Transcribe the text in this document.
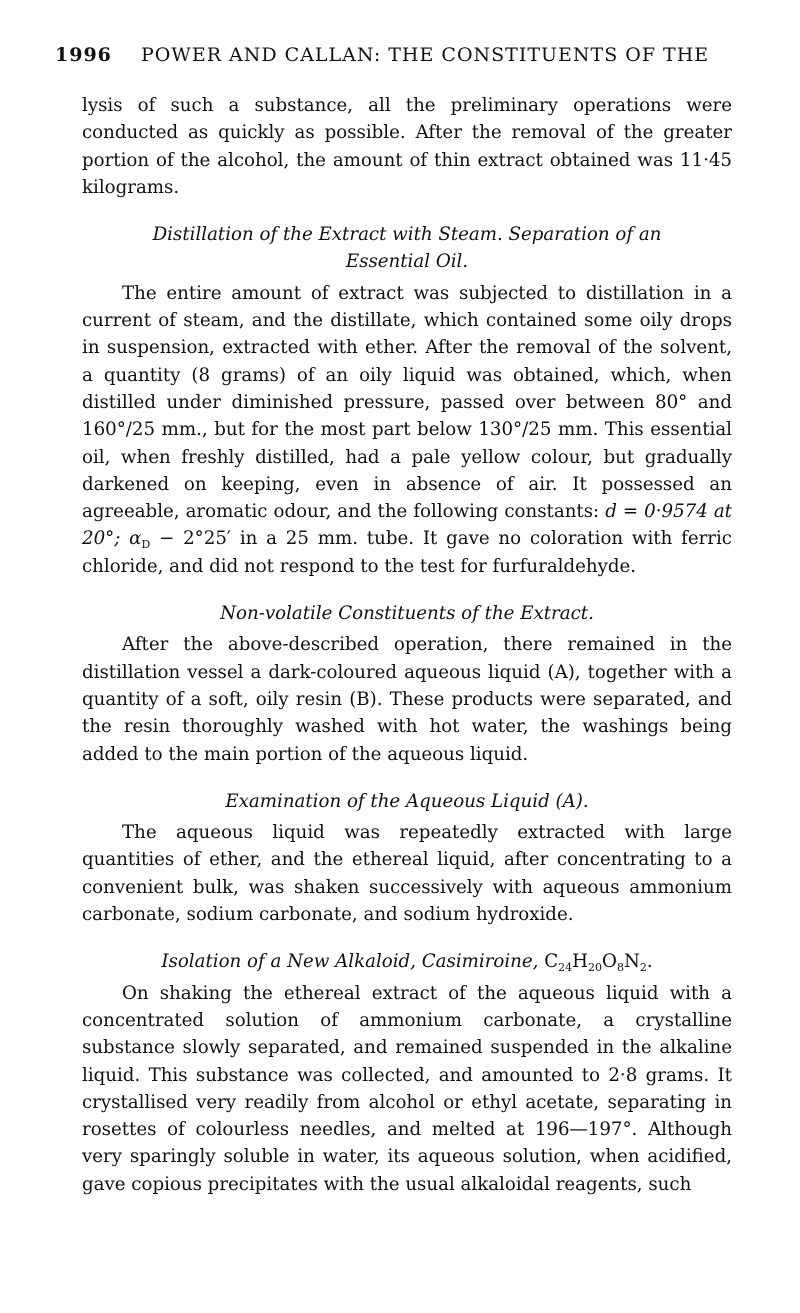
1996 POWER AND CALLAN: THE CONSTITUENTS OF THE

lysis of such a substance, all the preliminary operations were conducted as quickly as possible. After the removal of the greater portion of the alcohol, the amount of thin extract obtained was 11·45 kilograms.

Distillation of the Extract with Steam. Separation of an
Essential Oil.

The entire amount of extract was subjected to distillation in a current of steam, and the distillate, which contained some oily drops in suspension, extracted with ether. After the removal of the solvent, a quantity (8 grams) of an oily liquid was obtained, which, when distilled under diminished pressure, passed over between 80° and 160°/25 mm., but for the most part below 130°/25 mm. This essential oil, when freshly distilled, had a pale yellow colour, but gradually darkened on keeping, even in absence of air. It possessed an agreeable, aromatic odour, and the following constants: d = 0·9574 at 20°; $\alpha_D - 2^\circ 25'$ in a 25 mm. tube. It gave no coloration with ferric chloride, and did not respond to the test for furfuraldehyde.

Non-volatile Constituents of the Extract.

After the above-described operation, there remained in the distillation vessel a dark-coloured aqueous liquid (A), together with a quantity of a soft, oily resin (B). These products were separated, and the resin thoroughly washed with hot water, the washings being added to the main portion of the aqueous liquid.

Examination of the Aqueous Liquid (A).

The aqueous liquid was repeatedly extracted with large quantities of ether, and the ethereal liquid, after concentrating to a convenient bulk, was shaken successively with aqueous ammonium carbonate, sodium carbonate, and sodium hydroxide.

Isolation of a New Alkaloid, Casimiroine, $C_{24}H_{20}O_8N_2$.

On shaking the ethereal extract of the aqueous liquid with a concentrated solution of ammonium carbonate, a crystalline substance slowly separated, and remained suspended in the alkaline liquid. This substance was collected, and amounted to 2·8 grams. It crystallised very readily from alcohol or ethyl acetate, separating in rosettes of colourless needles, and melted at 196—197°. Although very sparingly soluble in water, its aqueous solution, when acidified, gave copious precipitates with the usual alkaloidal reagents, such
